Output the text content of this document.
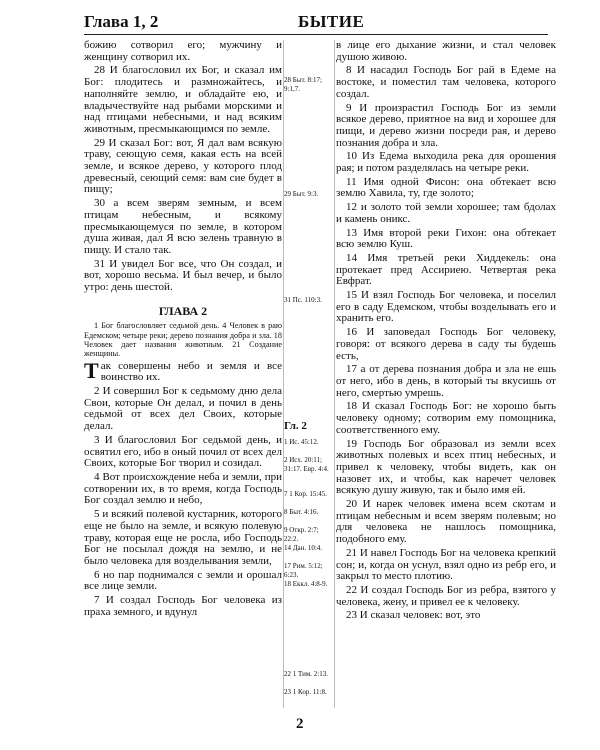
Глава 1, 2	БЫТИЕ

божию сотворил его; мужчину и женщину сотворил их.

28 И благословил их Бог, и сказал им Бог: плодитесь и размножайтесь, и наполняйте землю, и обладайте ею, и владычествуйте над рыбами морскими и над птицами небесными, и над всяким животным, пресмыкающимся по земле.

29 И сказал Бог: вот, Я дал вам всякую траву, сеющую семя, какая есть на всей земле, и всякое дерево, у которого плод древесный, сеющий семя: вам сие будет в пищу;

30 а всем зверям земным, и всем птицам небесным, и всякому пресмыкающемуся по земле, в котором душа живая, дал Я всю зелень травную в пищу. И стало так.

31 И увидел Бог все, что Он создал, и вот, хорошо весьма. И был вечер, и было утро: день шестой.

ГЛАВА 2

1 Бог благословляет седьмой день. 4 Человек в раю Едемском; четыре реки; дерево познания добра и зла. 18 Человек дает названия животным. 21 Создание женщины.

Так совершены небо и земля и все воинство их.

2 И совершил Бог к седьмому дню дела Свои, которые Он делал, и почил в день седьмой от всех дел Своих, которые делал.

3 И благословил Бог седьмой день, и освятил его, ибо в оный почил от всех дел Своих, которые Бог творил и созидал.

4 Вот происхождение неба и земли, при сотворении их, в то время, когда Господь Бог создал землю и небо,

5 и всякий полевой кустарник, которого еще не было на земле, и всякую полевую траву, которая еще не росла, ибо Господь Бог не посылал дождя на землю, и не было человека для возделывания земли,

6 но пар поднимался с земли и орошал все лице земли.

7 И создал Господь Бог человека из праха земного, и вдунул

28 Быт. 8:17; 9:1,7.
29 Быт. 9:3.
31 Пс. 110:3.
Гл. 2
1 Ис. 45:12.
2 Исх. 20:11; 31:17. Евр. 4:4.
7 1 Кор. 15:45.
8 Быт. 4:16.
9 Откр. 2:7; 22:2.
14 Дан. 10:4.
17 Рим. 5:12; 6:23.
18 Еккл. 4:8-9.
22 1 Тим. 2:13.
23 1 Кор. 11:8.

в лице его дыхание жизни, и стал человек душою живою.

8 И насадил Господь Бог рай в Едеме на востоке, и поместил там человека, которого создал.

9 И произрастил Господь Бог из земли всякое дерево, приятное на вид и хорошее для пищи, и дерево жизни посреди рая, и дерево познания добра и зла.

10 Из Едема выходила река для орошения рая; и потом разделялась на четыре реки.

11 Имя одной Фисон: она обтекает всю землю Хавила, ту, где золото;

12 и золото той земли хорошее; там бдолах и камень оникс.

13 Имя второй реки Гихон: она обтекает всю землю Куш.

14 Имя третьей реки Хиддекель: она протекает пред Ассириею. Четвертая река Евфрат.

15 И взял Господь Бог человека, и поселил его в саду Едемском, чтобы возделывать его и хранить его.

16 И заповедал Господь Бог человеку, говоря: от всякого дерева в саду ты будешь есть,

17 а от дерева познания добра и зла не ешь от него, ибо в день, в который ты вкусишь от него, смертью умрешь.

18 И сказал Господь Бог: не хорошо быть человеку одному; сотворим ему помощника, соответственного ему.

19 Господь Бог образовал из земли всех животных полевых и всех птиц небесных, и привел к человеку, чтобы видеть, как он назовет их, и чтобы, как наречет человек всякую душу живую, так и было имя ей.

20 И нарек человек имена всем скотам и птицам небесным и всем зверям полевым; но для человека не нашлось помощника, подобного ему.

21 И навел Господь Бог на человека крепкий сон; и, когда он уснул, взял одно из ребр его, и закрыл то место плотию.

22 И создал Господь Бог из ребра, взятого у человека, жену, и привел ее к человеку.

23 И сказал человек: вот, это

2
